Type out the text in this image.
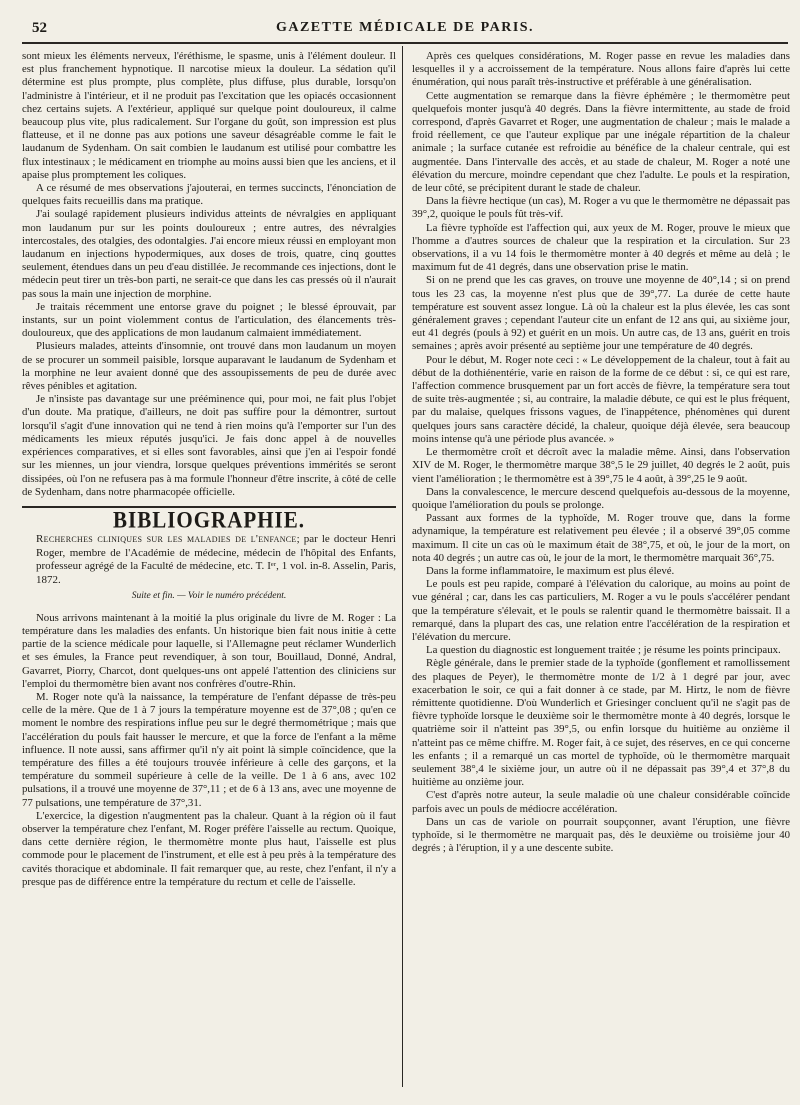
52	GAZETTE MÉDICALE DE PARIS.

sont mieux les éléments nerveux, l'éréthisme, le spasme, unis à l'élément douleur. Il est plus franchement hypnotique. Il narcotise mieux la douleur. La sédation qu'il détermine est plus prompte, plus complète, plus diffuse, plus durable, lorsqu'on l'administre à l'intérieur, et il ne produit pas l'excitation que les opiacés occasionnent chez certains sujets. A l'extérieur, appliqué sur quelque point douloureux, il calme beaucoup plus vite, plus radicalement. Sur l'organe du goût, son impression est plus flatteuse, et il ne donne pas aux potions une saveur désagréable comme le fait le laudanum de Sydenham. On sait combien le laudanum est utilisé pour combattre les flux intestinaux ; le médicament en triomphe au moins aussi bien que les anciens, et il apaise plus promptement les coliques.

A ce résumé de mes observations j'ajouterai, en termes succincts, l'énonciation de quelques faits recueillis dans ma pratique.

J'ai soulagé rapidement plusieurs individus atteints de névralgies en appliquant mon laudanum pur sur les points douloureux ; entre autres, des névralgies intercostales, des otalgies, des odontalgies. J'ai encore mieux réussi en employant mon laudanum en injections hypodermiques, aux doses de trois, quatre, cinq gouttes seulement, étendues dans un peu d'eau distillée. Je recommande ces injections, dont le médecin peut tirer un très-bon parti, ne serait-ce que dans les cas pressés où il n'aurait pas sous la main une injection de morphine.

Je traitais récemment une entorse grave du poignet ; le blessé éprouvait, par instants, sur un point violemment contus de l'articulation, des élancements très-douloureux, que des applications de mon laudanum calmaient immédiatement.

Plusieurs malades, atteints d'insomnie, ont trouvé dans mon laudanum un moyen de se procurer un sommeil paisible, lorsque auparavant le laudanum de Sydenham et la morphine ne leur avaient donné que des assoupissements de peu de durée avec rêves pénibles et agitation.

Je n'insiste pas davantage sur une prééminence qui, pour moi, ne fait plus l'objet d'un doute. Ma pratique, d'ailleurs, ne doit pas suffire pour la démontrer, surtout lorsqu'il s'agit d'une innovation qui ne tend à rien moins qu'à l'emporter sur l'un des médicaments les mieux réputés jusqu'ici. Je fais donc appel à de nouvelles expériences comparatives, et si elles sont favorables, ainsi que j'en ai l'espoir fondé sur les miennes, un jour viendra, lorsque quelques préventions immérités se seront dissipées, où l'on ne refusera pas à ma formule l'honneur d'être inscrite, à côté de celle de Sydenham, dans notre pharmacopée officielle.

BIBLIOGRAPHIE.

Recherches cliniques sur les maladies de l'enfance; par le docteur Henri Roger, membre de l'Académie de médecine, médecin de l'hôpital des Enfants, professeur agrégé de la Faculté de médecine, etc. T. Iᵉʳ, 1 vol. in-8. Asselin, Paris, 1872.

Suite et fin. — Voir le numéro précédent.

Nous arrivons maintenant à la moitié la plus originale du livre de M. Roger : La température dans les maladies des enfants. Un historique bien fait nous initie à cette partie de la science médicale pour laquelle, si l'Allemagne peut réclamer Wunderlich et ses émules, la France peut revendiquer, à son tour, Bouillaud, Donné, Andral, Gavarret, Piorry, Charcot, dont quelques-uns ont appelé l'attention des cliniciens sur l'emploi du thermomètre bien avant nos confrères d'outre-Rhin.

M. Roger note qu'à la naissance, la température de l'enfant dépasse de très-peu celle de la mère. Que de 1 à 7 jours la température moyenne est de 37°,08 ; qu'en ce moment le nombre des respirations influe peu sur le degré thermométrique ; mais que l'accélération du pouls fait hausser le mercure, et que la force de l'enfant a la même influence. Il note aussi, sans affirmer qu'il n'y ait point là simple coïncidence, que la température des filles a été toujours trouvée inférieure à celle des garçons, et la température du sommeil supérieure à celle de la veille. De 1 à 6 ans, avec 102 pulsations, il a trouvé une moyenne de 37°,11 ; et de 6 à 13 ans, avec une moyenne de 77 pulsations, une température de 37°,31.

L'exercice, la digestion n'augmentent pas la chaleur. Quant à la région où il faut observer la température chez l'enfant, M. Roger préfère l'aisselle au rectum. Quoique, dans cette dernière région, le thermomètre monte plus haut, l'aisselle est plus commode pour le placement de l'instrument, et elle est à peu près à la température des cavités thoracique et abdominale. Il fait remarquer que, au reste, chez l'enfant, il n'y a presque pas de différence entre la température du rectum et celle de l'aisselle.

Après ces quelques considérations, M. Roger passe en revue les maladies dans lesquelles il y a accroissement de la température. Nous allons faire d'après lui cette énumération, qui nous paraît très-instructive et préférable à une généralisation.

Cette augmentation se remarque dans la fièvre éphémère ; le thermomètre peut quelquefois monter jusqu'à 40 degrés. Dans la fièvre intermittente, au stade de froid correspond, d'après Gavarret et Roger, une augmentation de chaleur ; mais le malade a froid réellement, ce que l'auteur explique par une inégale répartition de la chaleur animale ; la surface cutanée est refroidie au bénéfice de la chaleur centrale, qui est augmentée. Dans l'intervalle des accès, et au stade de chaleur, M. Roger a noté une élévation du mercure, moindre cependant que chez l'adulte. Le pouls et la respiration, de leur côté, se précipitent durant le stade de chaleur.

Dans la fièvre hectique (un cas), M. Roger a vu que le thermomètre ne dépassait pas 39°,2, quoique le pouls fût très-vif.

La fièvre typhoïde est l'affection qui, aux yeux de M. Roger, prouve le mieux que l'homme a d'autres sources de chaleur que la respiration et la circulation. Sur 23 observations, il a vu 14 fois le thermomètre monter à 40 degrés et même au delà ; le maximum fut de 41 degrés, dans une observation prise le matin.

Si on ne prend que les cas graves, on trouve une moyenne de 40°,14 ; si on prend tous les 23 cas, la moyenne n'est plus que de 39°,77. La durée de cette haute température est souvent assez longue. Là où la chaleur est la plus élevée, les cas sont généralement graves ; cependant l'auteur cite un enfant de 12 ans qui, au sixième jour, eut 41 degrés (pouls à 92) et guérit en un mois. Un autre cas, de 13 ans, guérit en trois semaines ; après avoir présenté au septième jour une température de 40 degrés.

Pour le début, M. Roger note ceci : « Le développement de la chaleur, tout à fait au début de la dothiénentérie, varie en raison de la forme de ce début : si, ce qui est rare, l'affection commence brusquement par un fort accès de fièvre, la température sera tout de suite très-augmentée ; si, au contraire, la maladie débute, ce qui est le plus fréquent, par du malaise, quelques frissons vagues, de l'inappétence, phénomènes qui durent quelques jours sans caractère décidé, la chaleur, quoique déjà élevée, sera beaucoup moins intense qu'à une période plus avancée. »

Le thermomètre croît et décroît avec la maladie même. Ainsi, dans l'observation XIV de M. Roger, le thermomètre marque 38°,5 le 29 juillet, 40 degrés le 2 août, puis vient l'amélioration ; le thermomètre est à 39°,75 le 4 août, à 39°,25 le 9 août.

Dans la convalescence, le mercure descend quelquefois au-dessous de la moyenne, quoique l'amélioration du pouls se prolonge.

Passant aux formes de la typhoïde, M. Roger trouve que, dans la forme adynamique, la température est relativement peu élevée ; il a observé 39°,05 comme maximum. Il cite un cas où le maximum était de 38°,75, et où, le jour de la mort, on nota 40 degrés ; un autre cas où, le jour de la mort, le thermomètre marquait 36°,75.

Dans la forme inflammatoire, le maximum est plus élevé.

Le pouls est peu rapide, comparé à l'élévation du calorique, au moins au point de vue général ; car, dans les cas particuliers, M. Roger a vu le pouls s'accélérer pendant que la température s'élevait, et le pouls se ralentir quand le thermomètre baissait. Il a remarqué, dans la plupart des cas, une relation entre l'accélération de la respiration et l'élévation du mercure.

La question du diagnostic est longuement traitée ; je résume les points principaux.

Règle générale, dans le premier stade de la typhoïde (gonflement et ramollissement des plaques de Peyer), le thermomètre monte de 1/2 à 1 degré par jour, avec exacerbation le soir, ce qui a fait donner à ce stade, par M. Hirtz, le nom de fièvre rémittente quotidienne. D'où Wunderlich et Griesinger concluent qu'il ne s'agit pas de fièvre typhoïde lorsque le deuxième soir le thermomètre monte à 40 degrés, lorsque le quatrième soir il n'atteint pas 39°,5, ou enfin lorsque du huitième au onzième il n'atteint pas ce même chiffre. M. Roger fait, à ce sujet, des réserves, en ce qui concerne les enfants ; il a remarqué un cas mortel de typhoïde, où le thermomètre marquait seulement 38°,4 le sixième jour, un autre où il ne dépassait pas 39°,4 et 37°,8 du huitième au onzième jour.

C'est d'après notre auteur, la seule maladie où une chaleur considérable coïncide parfois avec un pouls de médiocre accélération.

Dans un cas de variole on pourrait soupçonner, avant l'éruption, une fièvre typhoïde, si le thermomètre ne marquait pas, dès le deuxième ou troisième jour 40 degrés ; à l'éruption, il y a une descente subite.
